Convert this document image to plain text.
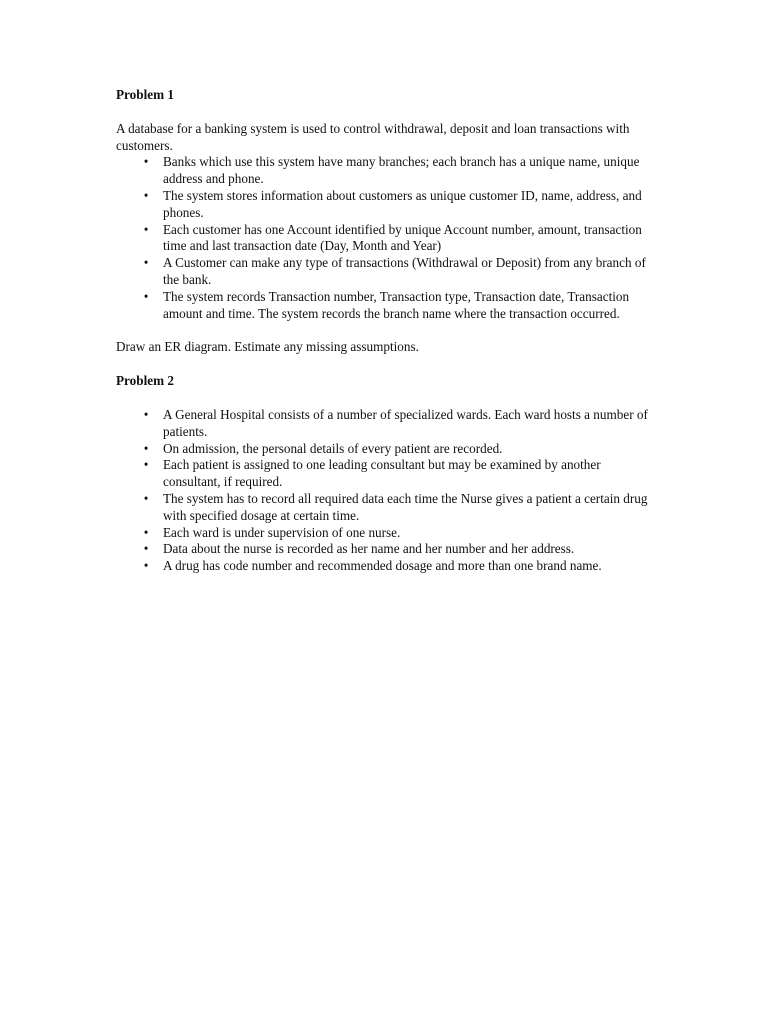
Problem 1

A database for a banking system is used to control withdrawal, deposit and loan transactions with customers.

• Banks which use this system have many branches; each branch has a unique name, unique address and phone.
• The system stores information about customers as unique customer ID, name, address, and phones.
• Each customer has one Account identified by unique Account number, amount, transaction time and last transaction date (Day, Month and Year)
• A Customer can make any type of transactions (Withdrawal or Deposit) from any branch of the bank.
• The system records Transaction number, Transaction type, Transaction date, Transaction amount and time. The system records the branch name where the transaction occurred.

Draw an ER diagram. Estimate any missing assumptions.

Problem 2

• A General Hospital consists of a number of specialized wards. Each ward hosts a number of patients.
• On admission, the personal details of every patient are recorded.
• Each patient is assigned to one leading consultant but may be examined by another consultant, if required.
• The system has to record all required data each time the Nurse gives a patient a certain drug with specified dosage at certain time.
• Each ward is under supervision of one nurse.
• Data about the nurse is recorded as her name and her number and her address.
• A drug has code number and recommended dosage and more than one brand name.
